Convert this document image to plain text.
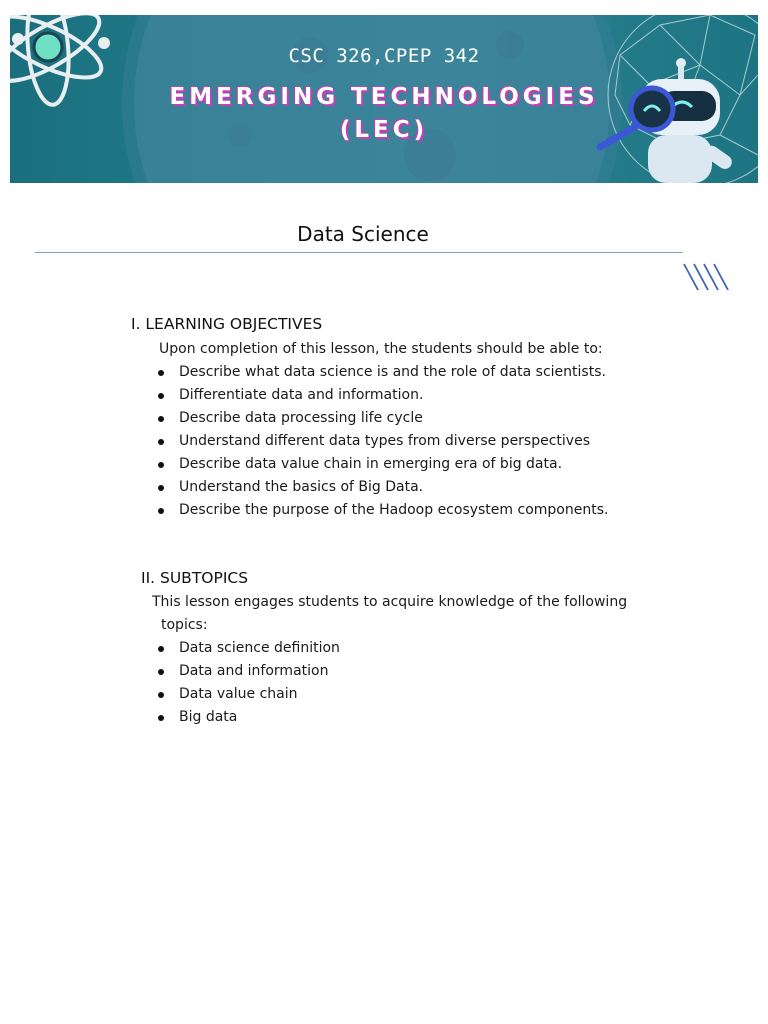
CSC 326,CPEP 342
EMERGING TECHNOLOGIES
(LEC)
Data Science
I. LEARNING OBJECTIVES
Upon completion of this lesson, the students should be able to:
Describe what data science is and the role of data scientists.
Differentiate data and information.
Describe data processing life cycle
Understand different data types from diverse perspectives
Describe data value chain in emerging era of big data.
Understand the basics of Big Data.
Describe the purpose of the Hadoop ecosystem components.
II. SUBTOPICS
This lesson engages students to acquire knowledge of the following
topics:
Data science definition
Data and information
Data value chain
Big data
